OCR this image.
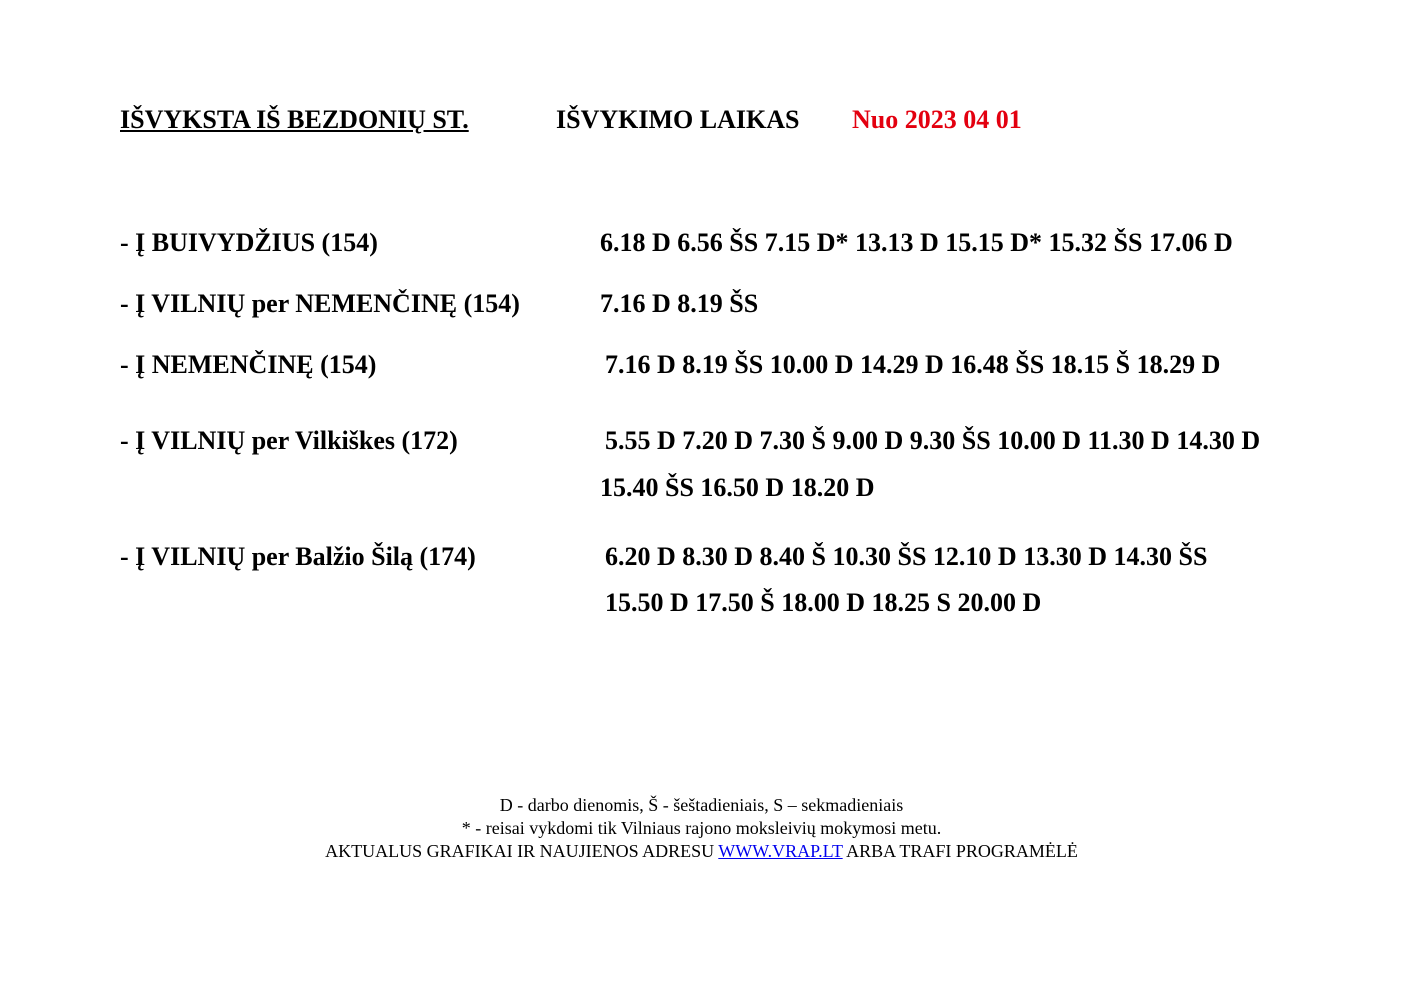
IŠVYKSTA IŠ BEZDONIŲ ST.	IŠVYKIMO LAIKAS Nuo 2023 04 01
- Į BUIVYDŽIUS (154)	6.18 D 6.56 ŠS 7.15 D* 13.13 D 15.15 D* 15.32 ŠS 17.06 D
- Į VILNIŲ per NEMENČINĘ (154)	7.16 D 8.19 ŠS
- Į NEMENČINĘ (154)	7.16 D 8.19 ŠS 10.00 D 14.29 D 16.48 ŠS 18.15 Š 18.29 D
- Į VILNIŲ per Vilkiškes (172)	5.55 D 7.20 D 7.30 Š 9.00 D 9.30 ŠS 10.00 D 11.30 D 14.30 D
15.40 ŠS 16.50 D 18.20 D
- Į VILNIŲ per Balžio Šilą (174)	6.20 D 8.30 D 8.40 Š 10.30 ŠS 12.10 D 13.30 D 14.30 ŠS
15.50 D 17.50 Š 18.00 D 18.25 S 20.00 D
D - darbo dienomis, Š - šeštadieniais, S – sekmadieniais
* - reisai vykdomi tik Vilniaus rajono moksleivių mokymosi metu.
AKTUALUS GRAFIKAI IR NAUJIENOS ADRESU WWW.VRAP.LT ARBA TRAFI PROGRAMĖLĖ
